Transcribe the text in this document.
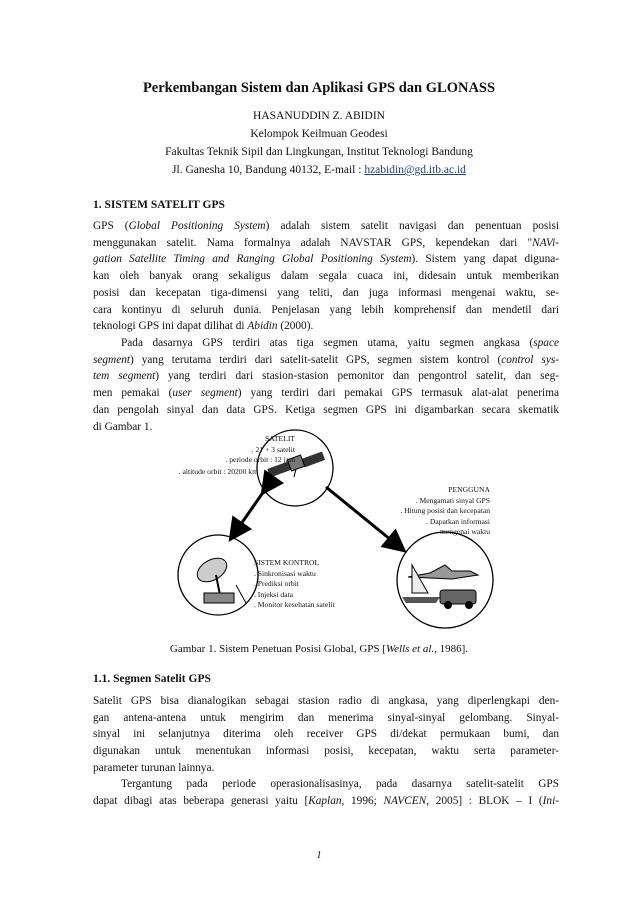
Perkembangan Sistem dan Aplikasi GPS dan GLONASS
HASANUDDIN Z. ABIDIN
Kelompok Keilmuan Geodesi
Fakultas Teknik Sipil dan Lingkungan, Institut Teknologi Bandung
Jl. Ganesha 10, Bandung 40132, E-mail : hzabidin@gd.itb.ac.id
1. SISTEM SATELIT GPS
GPS (Global Positioning System) adalah sistem satelit navigasi dan penentuan posisi
menggunakan satelit. Nama formalnya adalah NAVSTAR GPS, kependekan dari "NAVi-
gation Satellite Timing and Ranging Global Positioning System). Sistem yang dapat diguna-
kan oleh banyak orang sekaligus dalam segala cuaca ini, didesain untuk memberikan
posisi dan kecepatan tiga-dimensi yang teliti, dan juga informasi mengenai waktu, se-
cara kontinyu di seluruh dunia. Penjelasan yang lebih komprehensif dan mendetil dari
teknologi GPS ini dapat dilihat di Abidin (2000).
Pada dasarnya GPS terdiri atas tiga segmen utama, yaitu segmen angkasa (space
segment) yang terutama terdiri dari satelit-satelit GPS, segmen sistem kontrol (control sys-
tem segment) yang terdiri dari stasion-stasion pemonitor dan pengontrol satelit, dan seg-
men pemakai (user segment) yang terdiri dari pemakai GPS termasuk alat-alat penerima
dan pengolah sinyal dan data GPS. Ketiga segmen GPS ini digambarkan secara skematik
di Gambar 1.
SATELIT
. 21 + 3 satelit
. periode orbit : 12 jam
. altitude orbit : 20200 km
PENGGUNA
. Mengamati sinyal GPS
. Hitung posisi dan kecepatan
. Dapatkan informasi
mengenai waktu
SISTEM KONTROL
. Sinkronisasi waktu
. Prediksi orbit
. Injeksi data
. Monitor kesehatan satelit
Gambar 1. Sistem Penetuan Posisi Global, GPS [Wells et al., 1986].
1.1. Segmen Satelit GPS
Satelit GPS bisa dianalogikan sebagai stasion radio di angkasa, yang diperlengkapi den-
gan antena-antena untuk mengirim dan menerima sinyal-sinyal gelombang. Sinyal-
sinyal ini selanjutnya diterima oleh receiver GPS di/dekat permukaan bumi, dan
digunakan untuk menentukan informasi posisi, kecepatan, waktu serta parameter-
parameter turunan lainnya.
Tergantung pada periode operasionalisasinya, pada dasarnya satelit-satelit GPS
dapat dibagi atas beberapa generasi yaitu [Kaplan, 1996; NAVCEN, 2005] : BLOK – I (Ini-
1
